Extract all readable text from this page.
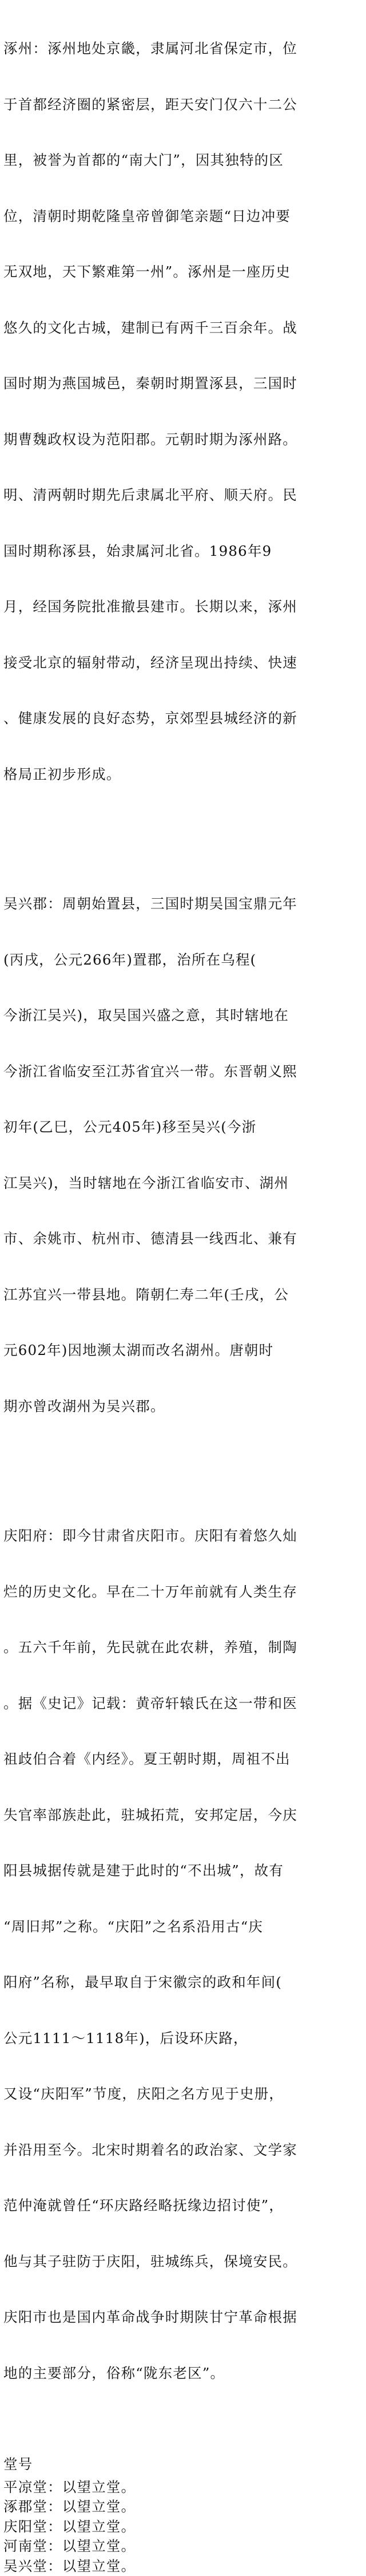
涿州：涿州地处京畿，隶属河北省保定市，位

于首都经济圈的紧密层，距天安门仅六十二公

里，被誉为首都的“南大门”，因其独特的区

位，清朝时期乾隆皇帝曾御笔亲题“日边冲要

无双地，天下繁难第一州”。涿州是一座历史

悠久的文化古城，建制已有两千三百余年。战

国时期为燕国城邑，秦朝时期置涿县，三国时

期曹魏政权设为范阳郡。元朝时期为涿州路。

明、清两朝时期先后隶属北平府、顺天府。民

国时期称涿县，始隶属河北省。1986年9

月，经国务院批准撤县建市。长期以来，涿州

接受北京的辐射带动，经济呈现出持续、快速

、健康发展的良好态势，京郊型县城经济的新

格局正初步形成。

吴兴郡：周朝始置县，三国时期吴国宝鼎元年

(丙戌，公元266年)置郡，治所在乌程(

今浙江吴兴)，取吴国兴盛之意，其时辖地在

今浙江省临安至江苏省宜兴一带。东晋朝义熙

初年(乙巳，公元405年)移至吴兴(今浙

江吴兴)，当时辖地在今浙江省临安市、湖州

市、余姚市、杭州市、德清县一线西北、兼有

江苏宜兴一带县地。隋朝仁寿二年(壬戌，公

元602年)因地濒太湖而改名湖州。唐朝时

期亦曾改湖州为吴兴郡。

庆阳府：即今甘肃省庆阳市。庆阳有着悠久灿

烂的历史文化。早在二十万年前就有人类生存

。五六千年前，先民就在此农耕，养殖，制陶

。据《史记》记载：黄帝轩辕氏在这一带和医

祖歧伯合着《内经》。夏王朝时期，周祖不出

失官率部族赴此，驻城拓荒，安邦定居，今庆

阳县城据传就是建于此时的“不出城”，故有

“周旧邦”之称。“庆阳”之名系沿用古“庆

阳府”名称，最早取自于宋徽宗的政和年间(

公元1111～1118年)，后设环庆路，

又设“庆阳军”节度，庆阳之名方见于史册，

并沿用至今。北宋时期着名的政治家、文学家

范仲淹就曾任“环庆路经略抚缘边招讨使”，

他与其子驻防于庆阳，驻城练兵，保境安民。

庆阳市也是国内革命战争时期陕甘宁革命根据

地的主要部分，俗称“陇东老区”。

堂号
平凉堂：以望立堂。
涿郡堂：以望立堂。
庆阳堂：以望立堂。
河南堂：以望立堂。
吴兴堂：以望立堂。
